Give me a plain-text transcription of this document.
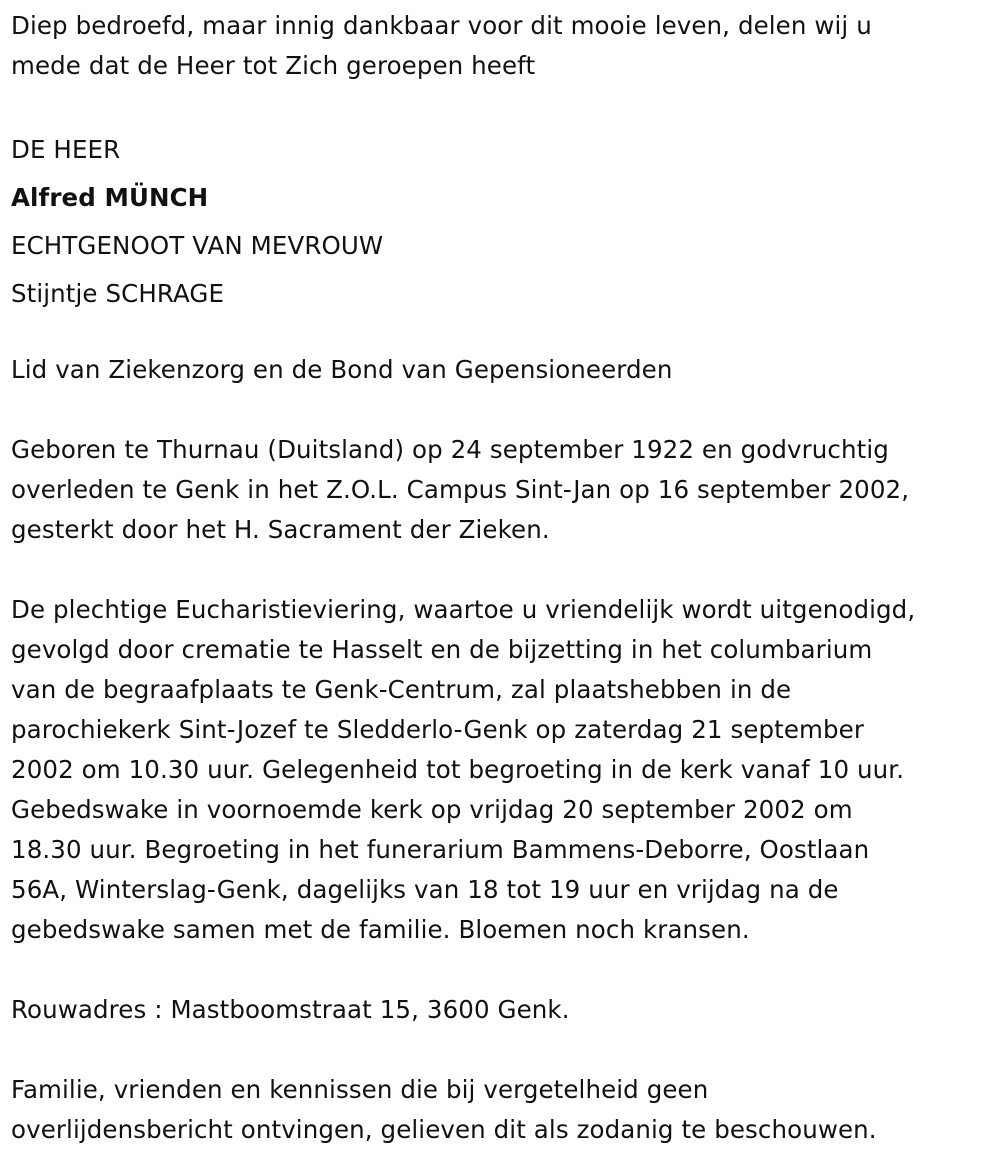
Diep bedroefd, maar innig dankbaar voor dit mooie leven, delen wij u
mede dat de Heer tot Zich geroepen heeft
DE HEER
Alfred MÜNCH
ECHTGENOOT VAN MEVROUW
Stijntje SCHRAGE
Lid van Ziekenzorg en de Bond van Gepensioneerden
Geboren te Thurnau (Duitsland) op 24 september 1922 en godvruchtig
overleden te Genk in het Z.O.L. Campus Sint-Jan op 16 september 2002,
gesterkt door het H. Sacrament der Zieken.
De plechtige Eucharistieviering, waartoe u vriendelijk wordt uitgenodigd,
gevolgd door crematie te Hasselt en de bijzetting in het columbarium
van de begraafplaats te Genk-Centrum, zal plaatshebben in de
parochiekerk Sint-Jozef te Sledderlo-Genk op zaterdag 21 september
2002 om 10.30 uur. Gelegenheid tot begroeting in de kerk vanaf 10 uur.
Gebedswake in voornoemde kerk op vrijdag 20 september 2002 om
18.30 uur. Begroeting in het funerarium Bammens-Deborre, Oostlaan
56A, Winterslag-Genk, dagelijks van 18 tot 19 uur en vrijdag na de
gebedswake samen met de familie. Bloemen noch kransen.
Rouwadres : Mastboomstraat 15, 3600 Genk.
Familie, vrienden en kennissen die bij vergetelheid geen
overlijdensbericht ontvingen, gelieven dit als zodanig te beschouwen.
